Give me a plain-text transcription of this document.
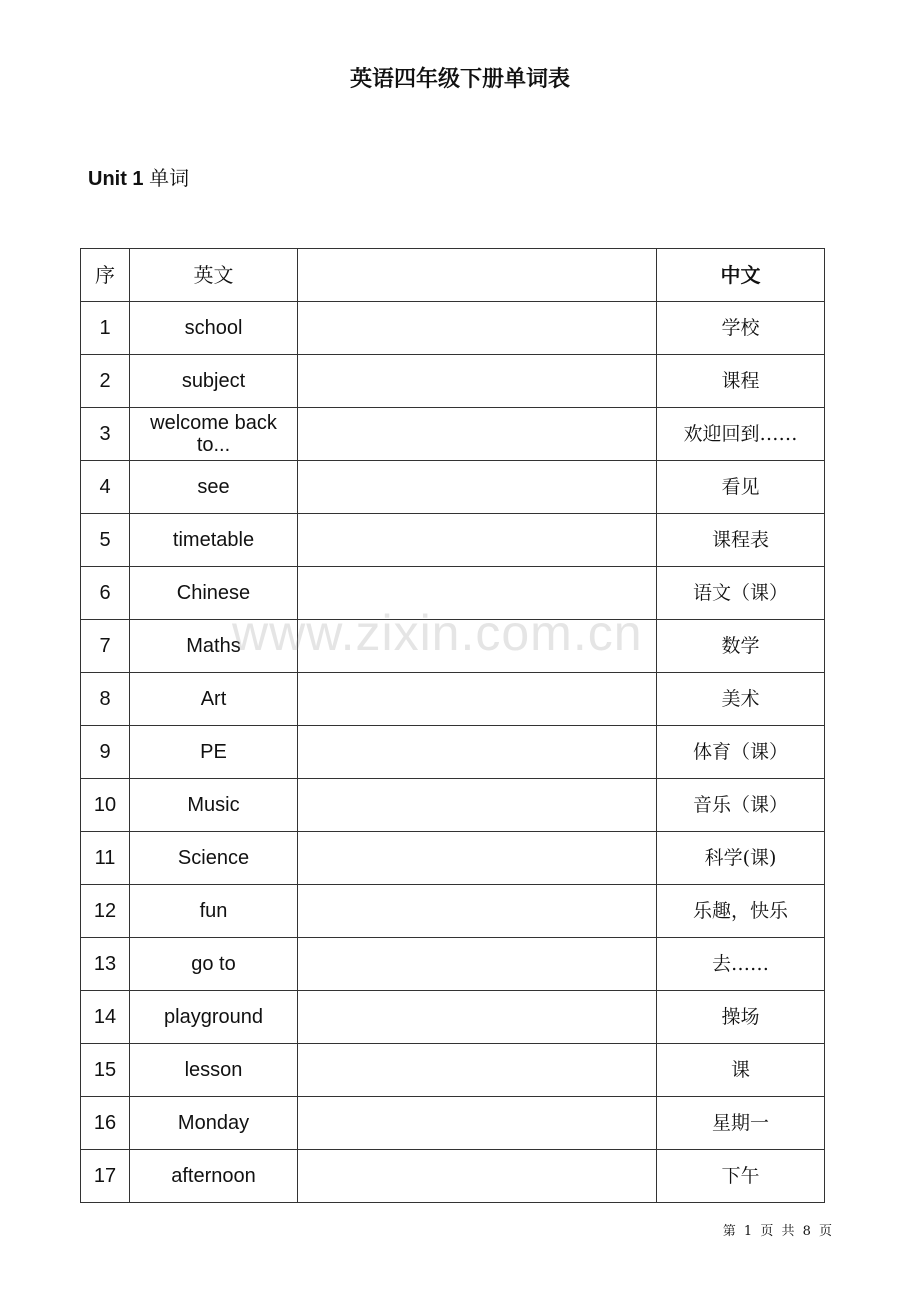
英语四年级下册单词表
Unit 1 单词
序	英文		中文
1	school		学校
2	subject		课程
3	welcome back to...		欢迎回到……
4	see		看见
5	timetable		课程表
6	Chinese		语文（课）
7	Maths		数学
8	Art		美术
9	PE		体育（课）
10	Music		音乐（课）
11	Science		科学(课)
12	fun		乐趣，快乐
13	go to		去……
14	playground		操场
15	lesson		课
16	Monday		星期一
17	afternoon		下午
www.zixin.com.cn
第 1 页 共 8 页
